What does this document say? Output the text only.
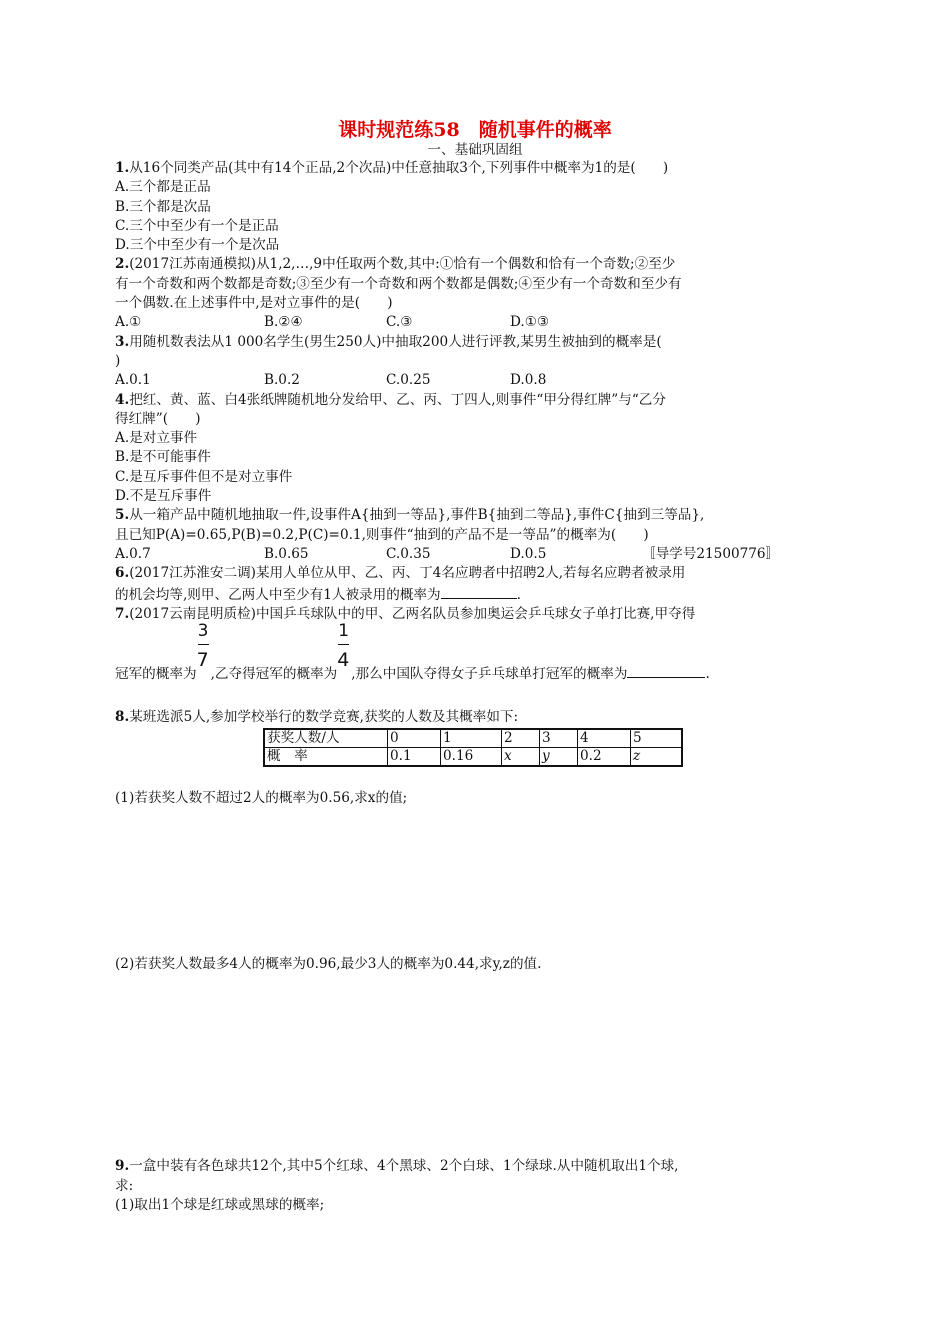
课时规范练58　随机事件的概率
一、基础巩固组
1.从16个同类产品(其中有14个正品,2个次品)中任意抽取3个,下列事件中概率为1的是(　　)
A.三个都是正品
B.三个都是次品
C.三个中至少有一个是正品
D.三个中至少有一个是次品
2.(2017江苏南通模拟)从1,2,…,9中任取两个数,其中:①恰有一个偶数和恰有一个奇数;②至少
有一个奇数和两个数都是奇数;③至少有一个奇数和两个数都是偶数;④至少有一个奇数和至少有
一个偶数.在上述事件中,是对立事件的是(　　)
A.①	B.②④	C.③	D.①③
3.用随机数表法从1 000名学生(男生250人)中抽取200人进行评教,某男生被抽到的概率是(
)
A.0.1	B.0.2	C.0.25	D.0.8
4.把红、黄、蓝、白4张纸牌随机地分发给甲、乙、丙、丁四人,则事件“甲分得红牌”与“乙分
得红牌”(　　)
A.是对立事件
B.是不可能事件
C.是互斥事件但不是对立事件
D.不是互斥事件
5.从一箱产品中随机地抽取一件,设事件A{抽到一等品},事件B{抽到二等品},事件C{抽到三等品},
且已知P(A)=0.65,P(B)=0.2,P(C)=0.1,则事件“抽到的产品不是一等品”的概率为(　　)
A.0.7	B.0.65	C.0.35	D.0.5	〚导学号21500776〛
6.(2017江苏淮安二调)某用人单位从甲、乙、丙、丁4名应聘者中招聘2人,若每名应聘者被录用
的机会均等,则甲、乙两人中至少有1人被录用的概率为	.
7.(2017云南昆明质检)中国乒乓球队中的甲、乙两名队员参加奥运会乒乓球女子单打比赛,甲夺得
冠军的概率为 $\frac{3}{7}$ ,乙夺得冠军的概率为 $\frac{1}{4}$ ,那么中国队夺得女子乒乓球单打冠军的概率为	.
8.某班选派5人,参加学校举行的数学竞赛,获奖的人数及其概率如下:
获奖人数/人	0	1	2	3	4	5
概　率	0.1	0.16	x	y	0.2	z
(1)若获奖人数不超过2人的概率为0.56,求x的值;
(2)若获奖人数最多4人的概率为0.96,最少3人的概率为0.44,求y,z的值.
9.一盒中装有各色球共12个,其中5个红球、4个黑球、2个白球、1个绿球.从中随机取出1个球,
求:
(1)取出1个球是红球或黑球的概率;
